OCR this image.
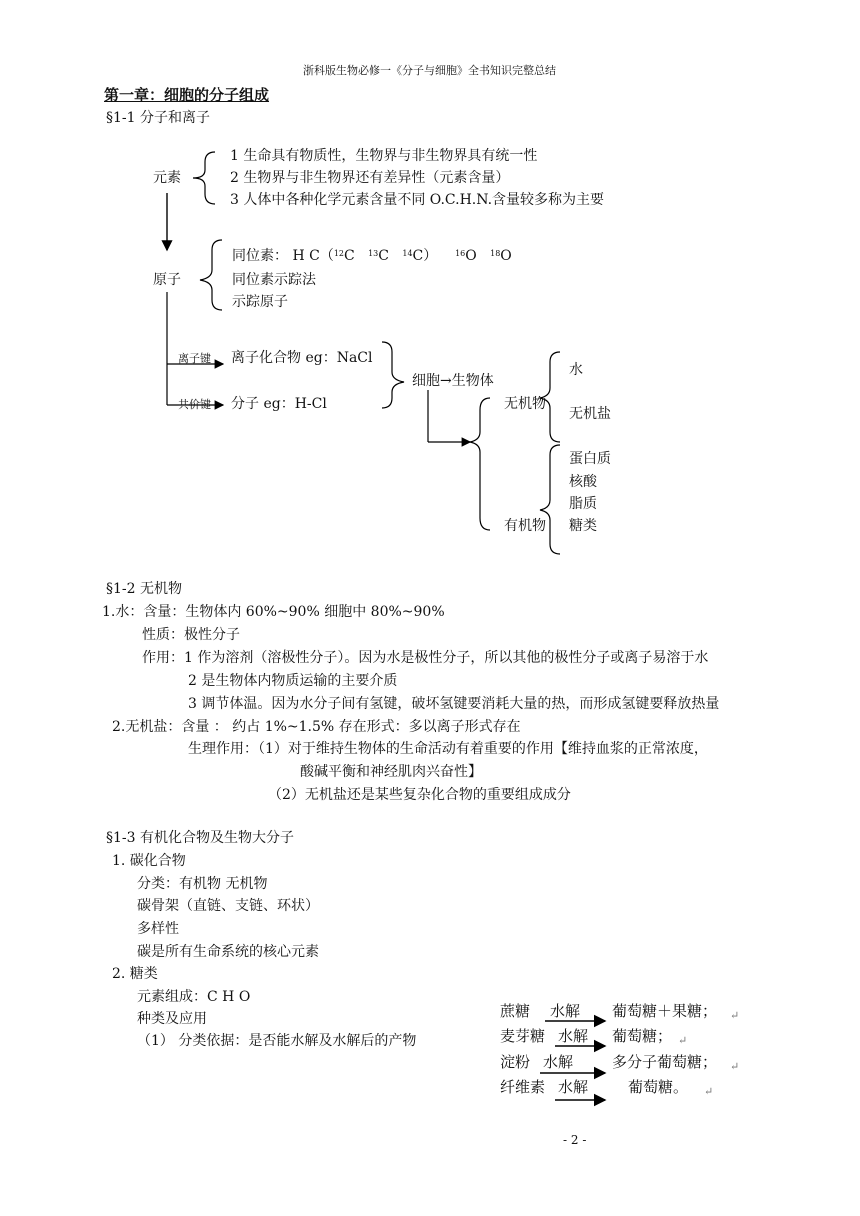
浙科版生物必修一《分子与细胞》全书知识完整总结
第一章：细胞的分子组成
§1-1 分子和离子
元素
1 生命具有物质性，生物界与非生物界具有统一性
2 生物界与非生物界还有差异性（元素含量）
3 人体中各种化学元素含量不同 O.C.H.N.含量较多称为主要
原子
同位素： H C（$^{12}$C $^{13}$C $^{14}$C） $^{16}$O $^{18}$O
同位素示踪法
示踪原子
离子键 离子化合物 eg：NaCl
共价键 分子 eg：H-Cl
细胞→生物体
无机物
有机物
水
无机盐
蛋白质
核酸
脂质
糖类
§1-2 无机物
1.水：含量：生物体内 60%~90% 细胞中 80%~90%
性质：极性分子
作用：1 作为溶剂（溶极性分子）。因为水是极性分子，所以其他的极性分子或离子易溶于水
2 是生物体内物质运输的主要介质
3 调节体温。因为水分子间有氢键，破坏氢键要消耗大量的热，而形成氢键要释放热量
2.无机盐：含量 ： 约占 1%~1.5% 存在形式：多以离子形式存在
生理作用：（1）对于维持生物体的生命活动有着重要的作用【维持血浆的正常浓度，
酸碱平衡和神经肌肉兴奋性】
（2）无机盐还是某些复杂化合物的重要组成成分
§1-3 有机化合物及生物大分子
1. 碳化合物
分类：有机物 无机物
碳骨架（直链、支链、环状）
多样性
碳是所有生命系统的核心元素
2. 糖类
元素组成：C H O
种类及应用
（1） 分类依据：是否能水解及水解后的产物
蔗糖 水解 葡萄糖＋果糖； ↵
麦芽糖 水解 葡萄糖； ↵
淀粉 水解	多分子葡萄糖； ↵
纤维素 水解	葡萄糖。 ↵
- 2 -
